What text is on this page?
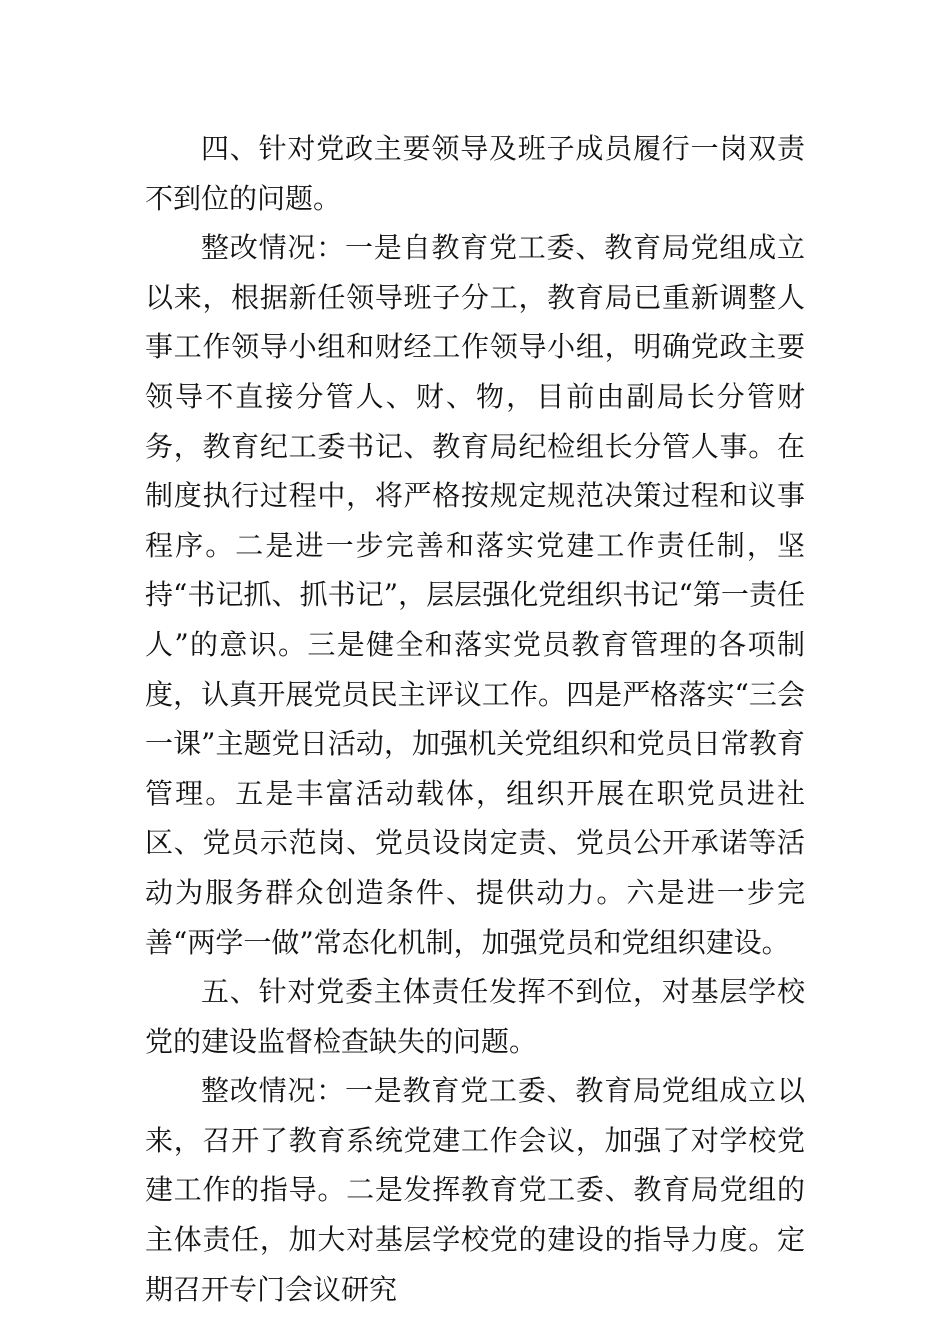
四、针对党政主要领导及班子成员履行一岗双责不到位的问题。

整改情况：一是自教育党工委、教育局党组成立以来，根据新任领导班子分工，教育局已重新调整人事工作领导小组和财经工作领导小组，明确党政主要领导不直接分管人、财、物，目前由副局长分管财务，教育纪工委书记、教育局纪检组长分管人事。在制度执行过程中，将严格按规定规范决策过程和议事程序。二是进一步完善和落实党建工作责任制，坚持“书记抓、抓书记”，层层强化党组织书记“第一责任人”的意识。三是健全和落实党员教育管理的各项制度，认真开展党员民主评议工作。四是严格落实“三会一课”主题党日活动，加强机关党组织和党员日常教育管理。五是丰富活动载体，组织开展在职党员进社区、党员示范岗、党员设岗定责、党员公开承诺等活动为服务群众创造条件、提供动力。六是进一步完善“两学一做”常态化机制，加强党员和党组织建设。

五、针对党委主体责任发挥不到位，对基层学校党的建设监督检查缺失的问题。

整改情况：一是教育党工委、教育局党组成立以来，召开了教育系统党建工作会议，加强了对学校党建工作的指导。二是发挥教育党工委、教育局党组的主体责任，加大对基层学校党的建设的指导力度。定期召开专门会议研究
